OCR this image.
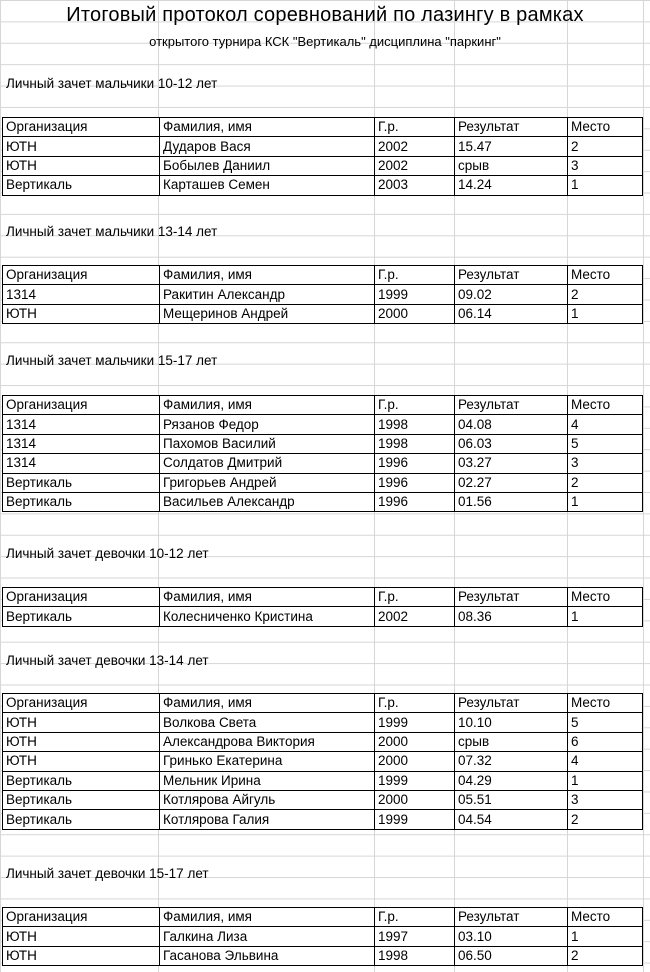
Итоговый протокол соревнований по лазингу в рамках
открытого турнира КСК "Вертикаль" дисциплина "паркинг"
Личный зачет мальчики 10-12 лет
Организация	Фамилия, имя	Г.р.	Результат	Место
ЮТН	Дударов Вася	2002	15.47	2
ЮТН	Бобылев Даниил	2002	срыв	3
Вертикаль	Карташев Семен	2003	14.24	1
Личный зачет мальчики 13-14 лет
Организация	Фамилия, имя	Г.р.	Результат	Место
1314	Ракитин Александр	1999	09.02	2
ЮТН	Мещеринов Андрей	2000	06.14	1
Личный зачет мальчики 15-17 лет
Организация	Фамилия, имя	Г.р.	Результат	Место
1314	Рязанов Федор	1998	04.08	4
1314	Пахомов Василий	1998	06.03	5
1314	Солдатов Дмитрий	1996	03.27	3
Вертикаль	Григорьев Андрей	1996	02.27	2
Вертикаль	Васильев Александр	1996	01.56	1
Личный зачет девочки 10-12 лет
Организация	Фамилия, имя	Г.р.	Результат	Место
Вертикаль	Колесниченко Кристина	2002	08.36	1
Личный зачет девочки 13-14 лет
Организация	Фамилия, имя	Г.р.	Результат	Место
ЮТН	Волкова Света	1999	10.10	5
ЮТН	Александрова Виктория	2000	срыв	6
ЮТН	Гринько Екатерина	2000	07.32	4
Вертикаль	Мельник Ирина	1999	04.29	1
Вертикаль	Котлярова Айгуль	2000	05.51	3
Вертикаль	Котлярова Галия	1999	04.54	2
Личный зачет девочки 15-17 лет
Организация	Фамилия, имя	Г.р.	Результат	Место
ЮТН	Галкина Лиза	1997	03.10	1
ЮТН	Гасанова Эльвина	1998	06.50	2
